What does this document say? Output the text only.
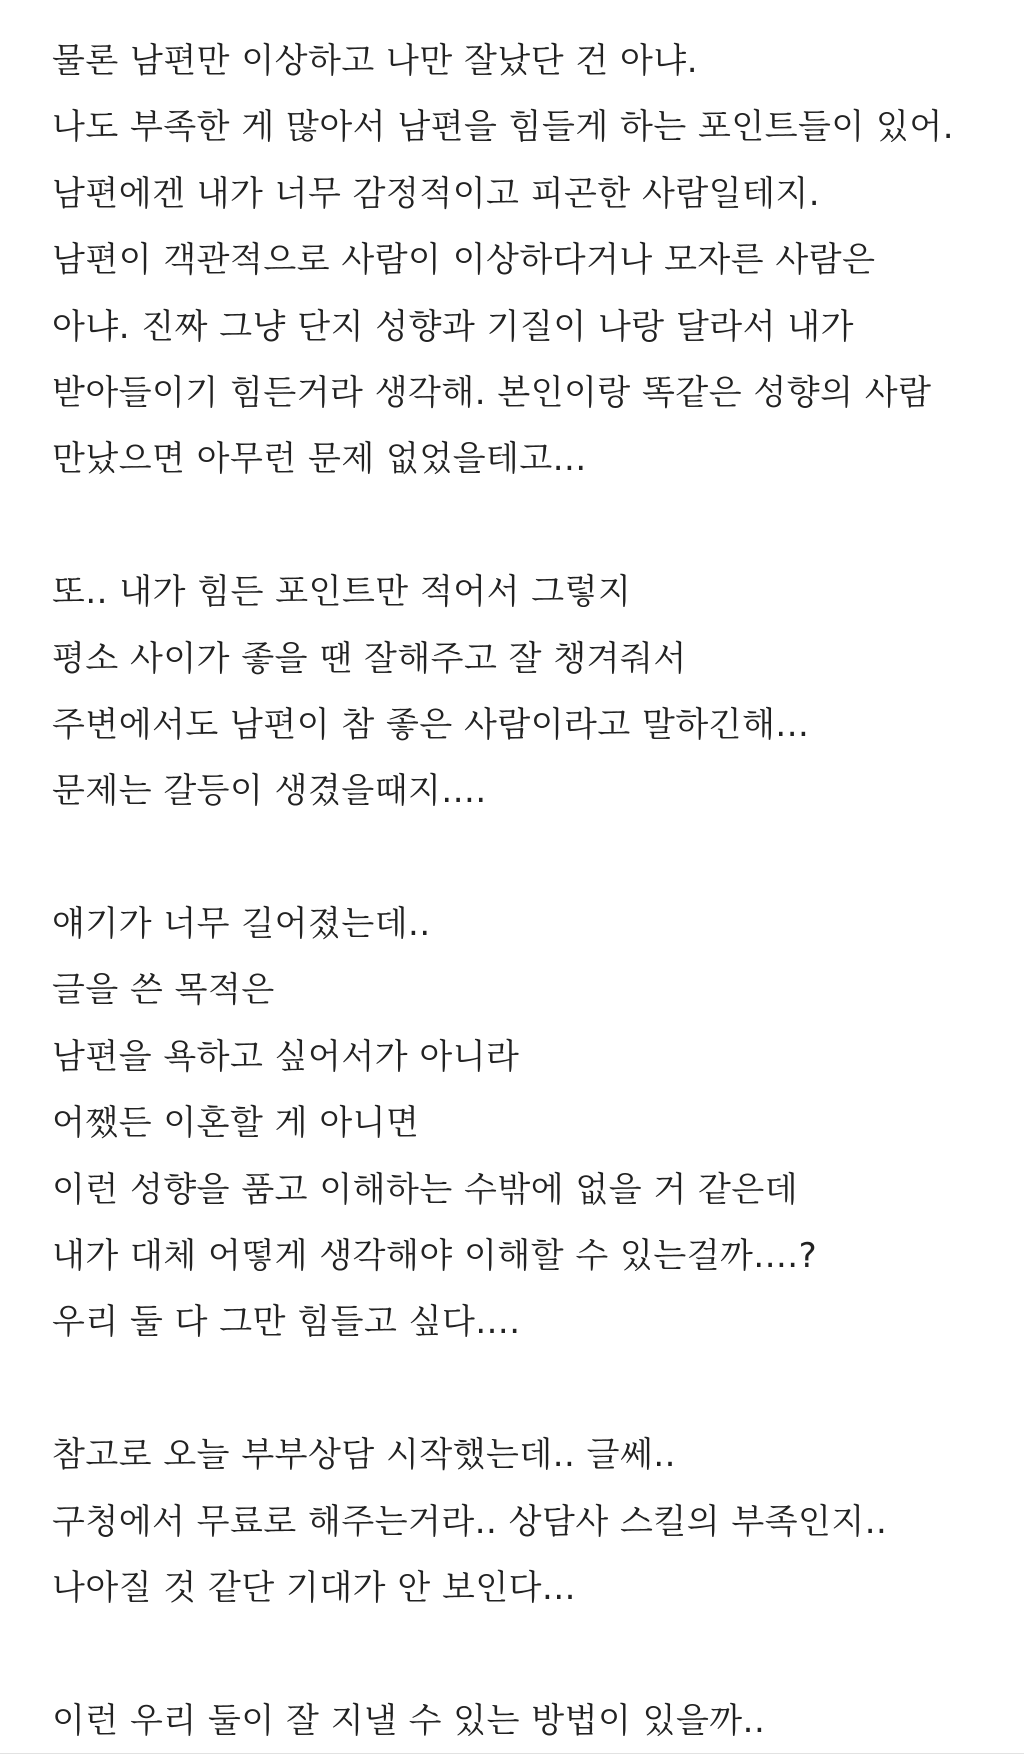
물론 남편만 이상하고 나만 잘났단 건 아냐.
나도 부족한 게 많아서 남편을 힘들게 하는 포인트들이 있어.
남편에겐 내가 너무 감정적이고 피곤한 사람일테지.
남편이 객관적으로 사람이 이상하다거나 모자른 사람은
아냐. 진짜 그냥 단지 성향과 기질이 나랑 달라서 내가
받아들이기 힘든거라 생각해. 본인이랑 똑같은 성향의 사람
만났으면 아무런 문제 없었을테고...
또.. 내가 힘든 포인트만 적어서 그렇지
평소 사이가 좋을 땐 잘해주고 잘 챙겨줘서
주변에서도 남편이 참 좋은 사람이라고 말하긴해...
문제는 갈등이 생겼을때지....
얘기가 너무 길어졌는데..
글을 쓴 목적은
남편을 욕하고 싶어서가 아니라
어쨌든 이혼할 게 아니면
이런 성향을 품고 이해하는 수밖에 없을 거 같은데
내가 대체 어떻게 생각해야 이해할 수 있는걸까....?
우리 둘 다 그만 힘들고 싶다....
참고로 오늘 부부상담 시작했는데.. 글쎄..
구청에서 무료로 해주는거라.. 상담사 스킬의 부족인지..
나아질 것 같단 기대가 안 보인다...
이런 우리 둘이 잘 지낼 수 있는 방법이 있을까..
